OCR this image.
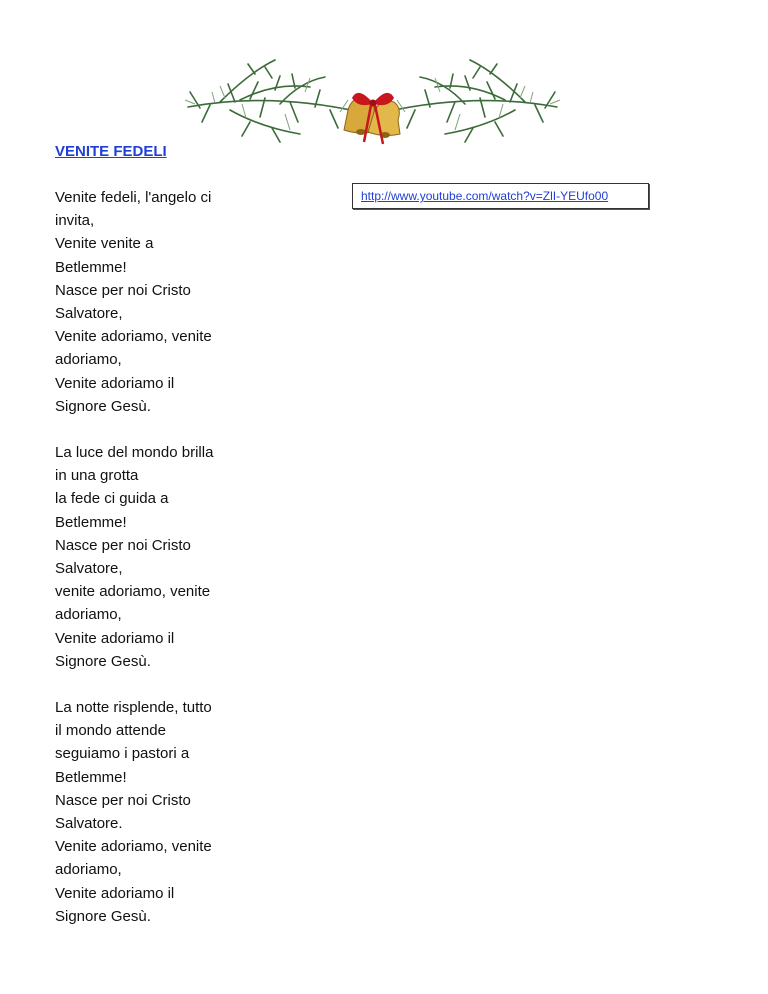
VENITE FEDELI
Venite fedeli, l'angelo ci
invita,
Venite venite a
Betlemme!
Nasce per noi Cristo
Salvatore,
Venite adoriamo, venite
adoriamo,
Venite adoriamo il
Signore Gesù.
La luce del mondo brilla
in una grotta
la fede ci guida a
Betlemme!
Nasce per noi Cristo
Salvatore,
venite adoriamo, venite
adoriamo,
Venite adoriamo il
Signore Gesù.
La notte risplende, tutto
il mondo attende
seguiamo i pastori a
Betlemme!
Nasce per noi Cristo
Salvatore.
Venite adoriamo, venite
adoriamo,
Venite adoriamo il
Signore Gesù.
http://www.youtube.com/watch?v=ZlI-YEUfo00
